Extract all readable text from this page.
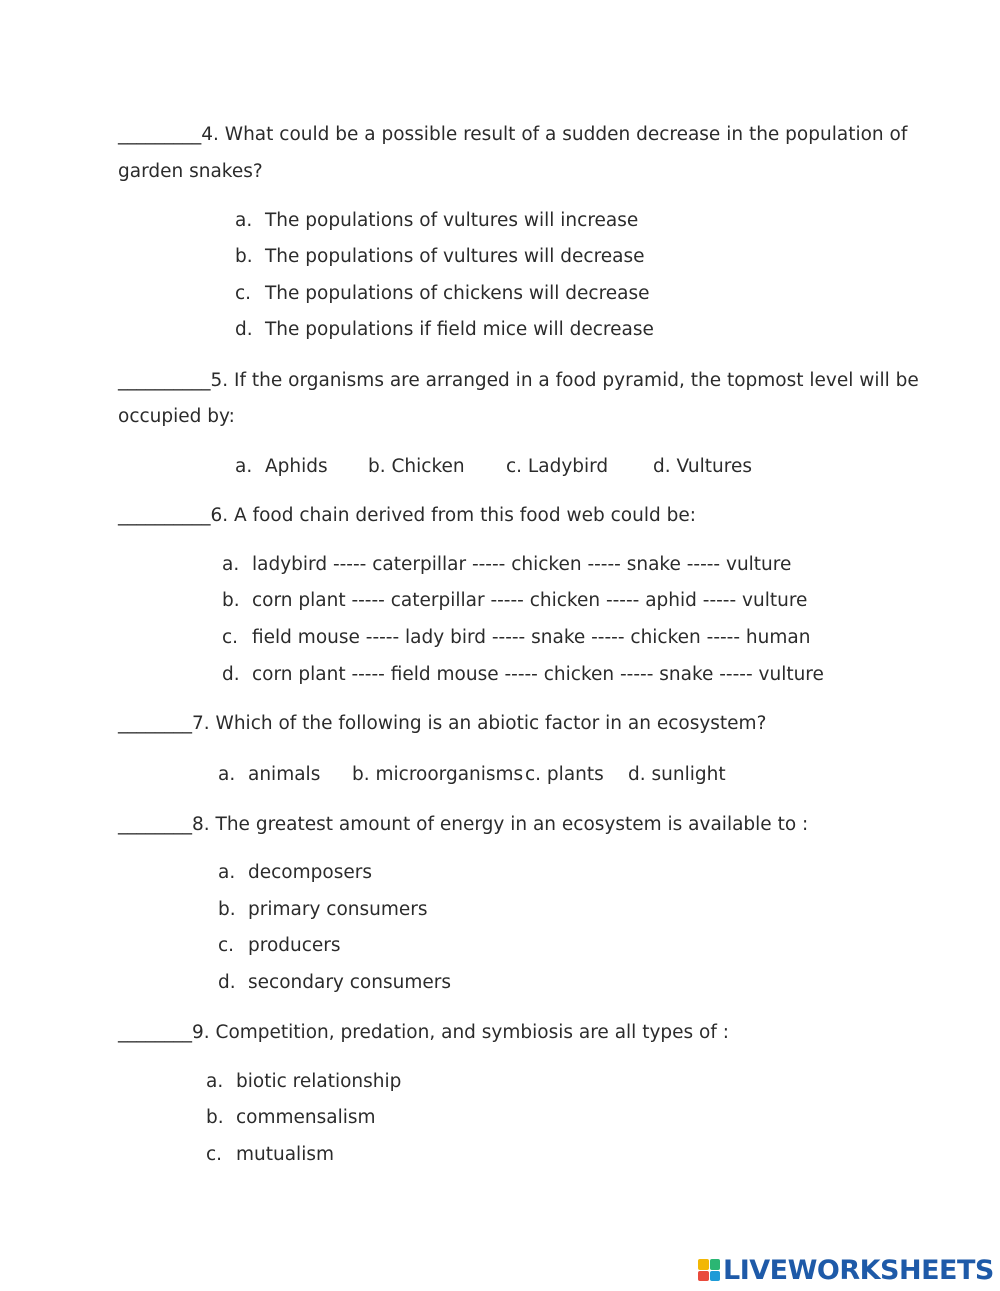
_________4. What could be a possible result of a sudden decrease in the population of
garden snakes?
a. The populations of vultures will increase
b. The populations of vultures will decrease
c. The populations of chickens will decrease
d. The populations if field mice will decrease
__________5. If the organisms are arranged in a food pyramid, the topmost level will be
occupied by:
a. Aphids b. Chicken c. Ladybird d. Vultures
__________6. A food chain derived from this food web could be:
a. ladybird ----- caterpillar ----- chicken ----- snake ----- vulture
b. corn plant ----- caterpillar ----- chicken ----- aphid ----- vulture
c. field mouse ----- lady bird ----- snake ----- chicken ----- human
d. corn plant ----- field mouse ----- chicken ----- snake ----- vulture
________7. Which of the following is an abiotic factor in an ecosystem?
a. animals b. microorganisms c. plants d. sunlight
________8. The greatest amount of energy in an ecosystem is available to :
a. decomposers
b. primary consumers
c. producers
d. secondary consumers
________9. Competition, predation, and symbiosis are all types of :
a. biotic relationship
b. commensalism
c. mutualism
LIVEWORKSHEETS
